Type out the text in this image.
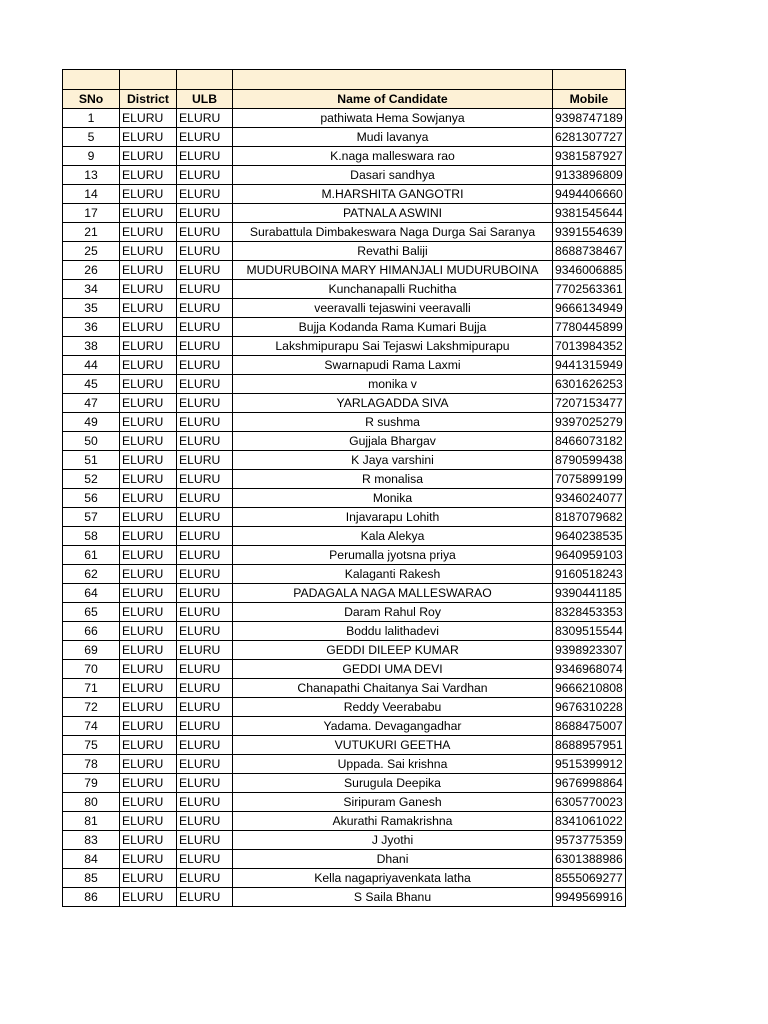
SNo	District	ULB	Name of Candidate	Mobile
1	ELURU	ELURU	pathiwata Hema Sowjanya	9398747189
5	ELURU	ELURU	Mudi lavanya	6281307727
9	ELURU	ELURU	K.naga malleswara rao	9381587927
13	ELURU	ELURU	Dasari sandhya	9133896809
14	ELURU	ELURU	M.HARSHITA GANGOTRI	9494406660
17	ELURU	ELURU	PATNALA ASWINI	9381545644
21	ELURU	ELURU	Surabattula Dimbakeswara Naga Durga Sai Saranya	9391554639
25	ELURU	ELURU	Revathi Baliji	8688738467
26	ELURU	ELURU	MUDURUBOINA MARY HIMANJALI MUDURUBOINA	9346006885
34	ELURU	ELURU	Kunchanapalli Ruchitha	7702563361
35	ELURU	ELURU	veeravalli tejaswini veeravalli	9666134949
36	ELURU	ELURU	Bujja Kodanda Rama Kumari Bujja	7780445899
38	ELURU	ELURU	Lakshmipurapu Sai Tejaswi Lakshmipurapu	7013984352
44	ELURU	ELURU	Swarnapudi Rama Laxmi	9441315949
45	ELURU	ELURU	monika v	6301626253
47	ELURU	ELURU	YARLAGADDA SIVA	7207153477
49	ELURU	ELURU	R sushma	9397025279
50	ELURU	ELURU	Gujjala Bhargav	8466073182
51	ELURU	ELURU	K Jaya varshini	8790599438
52	ELURU	ELURU	R monalisa	7075899199
56	ELURU	ELURU	Monika	9346024077
57	ELURU	ELURU	Injavarapu Lohith	8187079682
58	ELURU	ELURU	Kala Alekya	9640238535
61	ELURU	ELURU	Perumalla jyotsna priya	9640959103
62	ELURU	ELURU	Kalaganti Rakesh	9160518243
64	ELURU	ELURU	PADAGALA NAGA MALLESWARAO	9390441185
65	ELURU	ELURU	Daram Rahul Roy	8328453353
66	ELURU	ELURU	Boddu lalithadevi	8309515544
69	ELURU	ELURU	GEDDI DILEEP KUMAR	9398923307
70	ELURU	ELURU	GEDDI UMA DEVI	9346968074
71	ELURU	ELURU	Chanapathi Chaitanya Sai Vardhan	9666210808
72	ELURU	ELURU	Reddy Veerababu	9676310228
74	ELURU	ELURU	Yadama. Devagangadhar	8688475007
75	ELURU	ELURU	VUTUKURI GEETHA	8688957951
78	ELURU	ELURU	Uppada. Sai krishna	9515399912
79	ELURU	ELURU	Surugula Deepika	9676998864
80	ELURU	ELURU	Siripuram Ganesh	6305770023
81	ELURU	ELURU	Akurathi Ramakrishna	8341061022
83	ELURU	ELURU	J Jyothi	9573775359
84	ELURU	ELURU	Dhani	6301388986
85	ELURU	ELURU	Kella nagapriyavenkata latha	8555069277
86	ELURU	ELURU	S Saila Bhanu	9949569916
